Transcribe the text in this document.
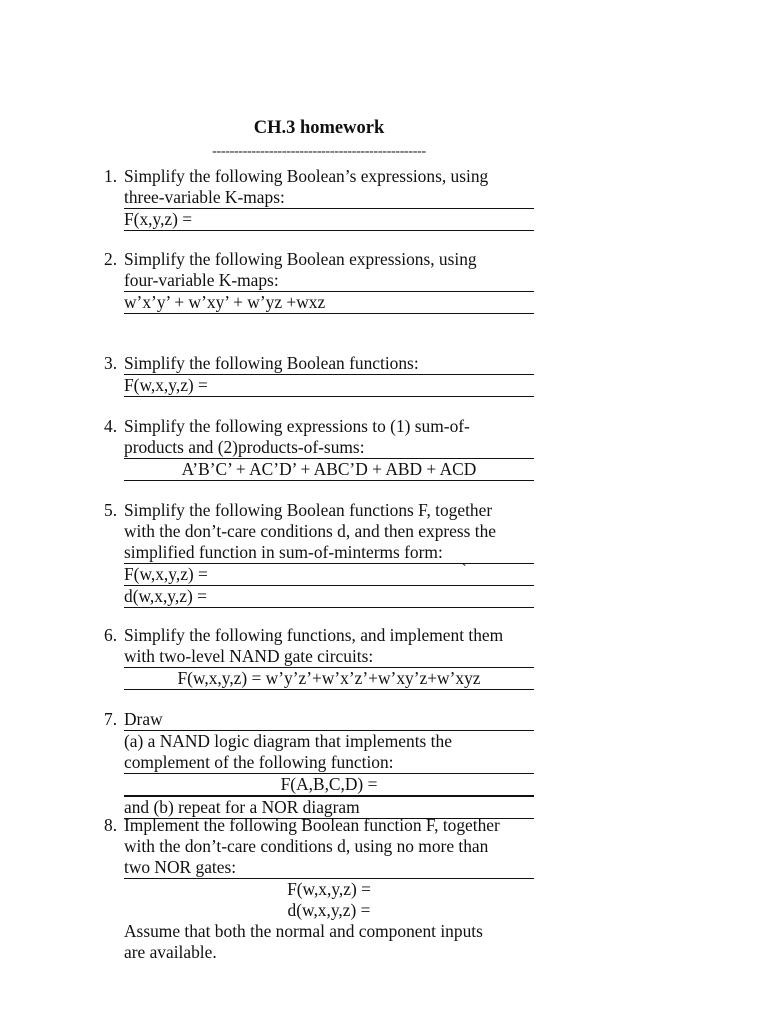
CH.3 homework
-------------------------------------------------
1. Simplify the following Boolean’s expressions, using
three-variable K-maps:
F(x,y,z) =
2. Simplify the following Boolean expressions, using
four-variable K-maps:
w’x’y’ + w’xy’ + w’yz +wxz
3. Simplify the following Boolean functions:
F(w,x,y,z) =
4. Simplify the following expressions to (1) sum-of-
products and (2)products-of-sums:
A’B’C’ + AC’D’ + ABC’D + ABD + ACD
5. Simplify the following Boolean functions F, together
with the don’t-care conditions d, and then express the
simplified function in sum-of-minterms form:
F(w,x,y,z) =
d(w,x,y,z) =
`
6. Simplify the following functions, and implement them
with two-level NAND gate circuits:
F(w,x,y,z) = w’y’z’+w’x’z’+w’xy’z+w’xyz
7. Draw
(a) a NAND logic diagram that implements the
complement of the following function:
F(A,B,C,D) =
and (b) repeat for a NOR diagram
8. Implement the following Boolean function F, together
with the don’t-care conditions d, using no more than
two NOR gates:
F(w,x,y,z) =
d(w,x,y,z) =
Assume that both the normal and component inputs
are available.
